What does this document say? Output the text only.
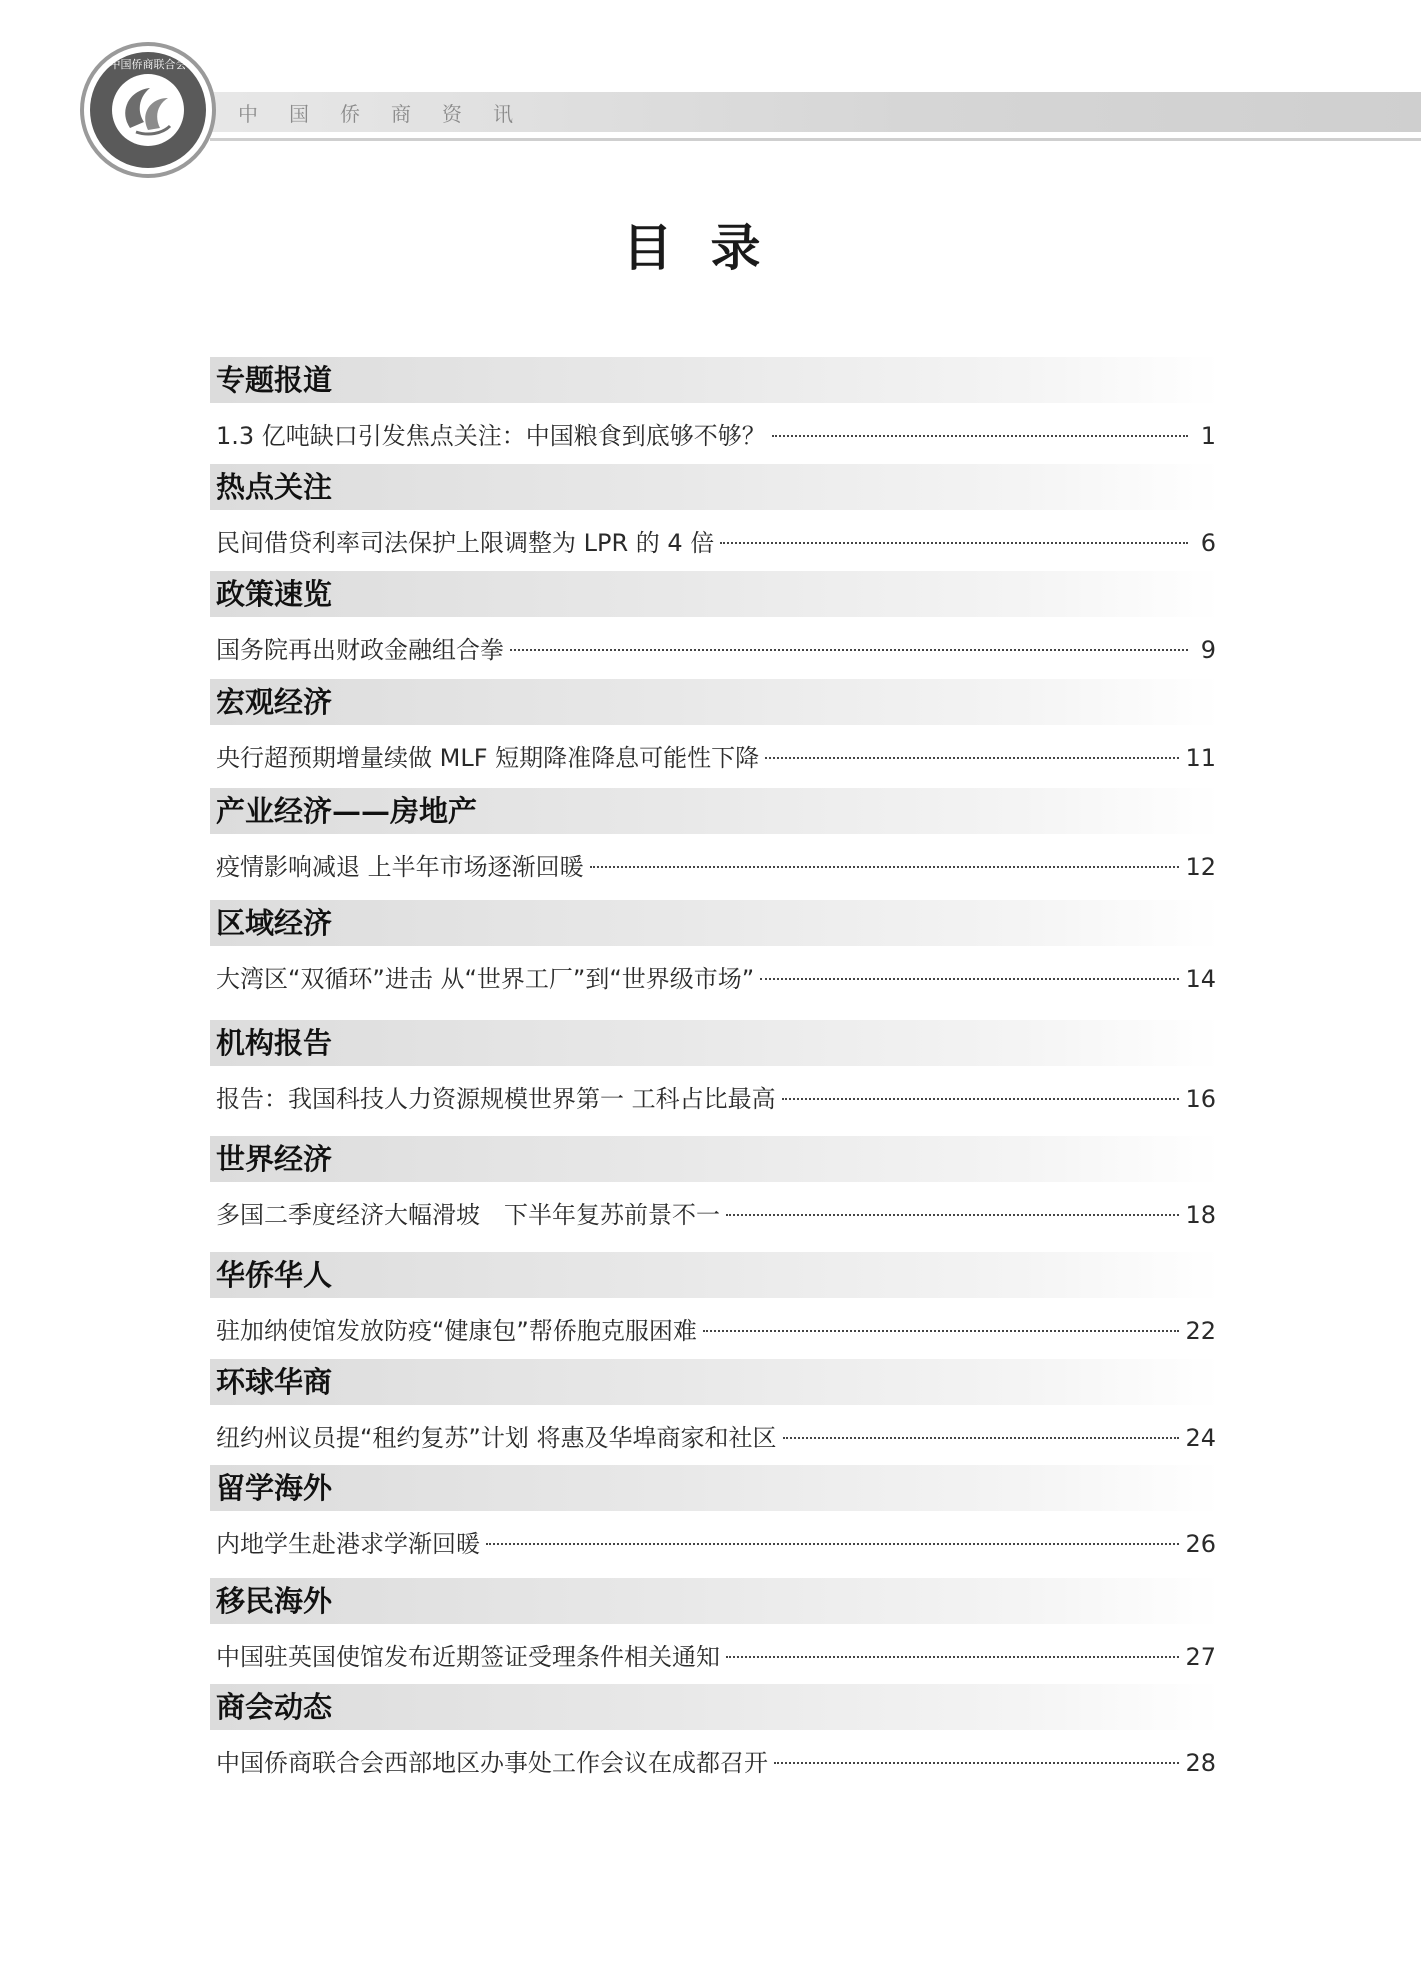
中国侨商资讯
中国侨商联合会
目录
专题报道
1.3 亿吨缺口引发焦点关注：中国粮食到底够不够？	1
热点关注
民间借贷利率司法保护上限调整为 LPR 的 4 倍	6
政策速览
国务院再出财政金融组合拳	9
宏观经济
央行超预期增量续做 MLF 短期降准降息可能性下降	11
产业经济——房地产
疫情影响减退 上半年市场逐渐回暖	12
区域经济
大湾区“双循环”进击 从“世界工厂”到“世界级市场”	14
机构报告
报告：我国科技人力资源规模世界第一 工科占比最高	16
世界经济
多国二季度经济大幅滑坡　下半年复苏前景不一	18
华侨华人
驻加纳使馆发放防疫“健康包”帮侨胞克服困难	22
环球华商
纽约州议员提“租约复苏”计划 将惠及华埠商家和社区	24
留学海外
内地学生赴港求学渐回暖	26
移民海外
中国驻英国使馆发布近期签证受理条件相关通知	27
商会动态
中国侨商联合会西部地区办事处工作会议在成都召开	28
